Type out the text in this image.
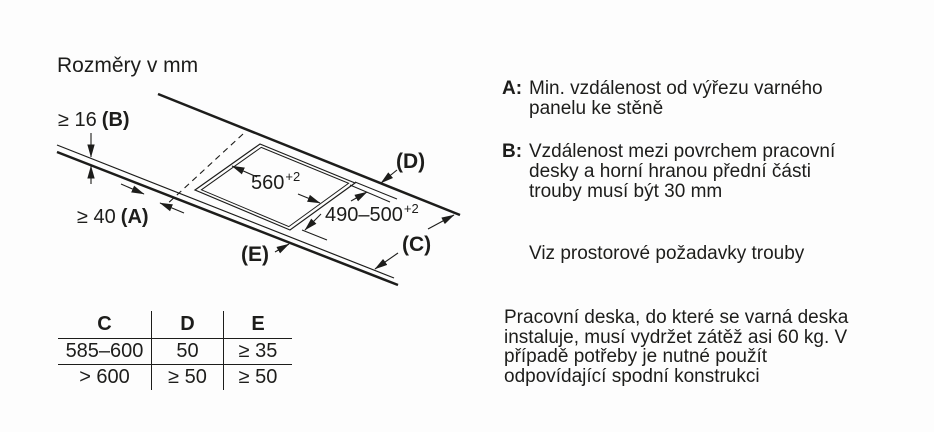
Rozměry v mm
≥ 16 (B)
≥ 40 (A)
$560^{+2}$
$490-500^{+2}$
(D)
(C)
(E)
C	D	E
585–600	50	≥ 35
> 600	≥ 50	≥ 50
A: Min. vzdálenost od výřezu varného panelu ke stěně
B: Vzdálenost mezi povrchem pracovní desky a horní hranou přední části trouby musí být 30 mm
Viz prostorové požadavky trouby
Pracovní deska, do které se varná deska instaluje, musí vydržet zátěž asi 60 kg. V případě potřeby je nutné použít odpovídající spodní konstrukci
